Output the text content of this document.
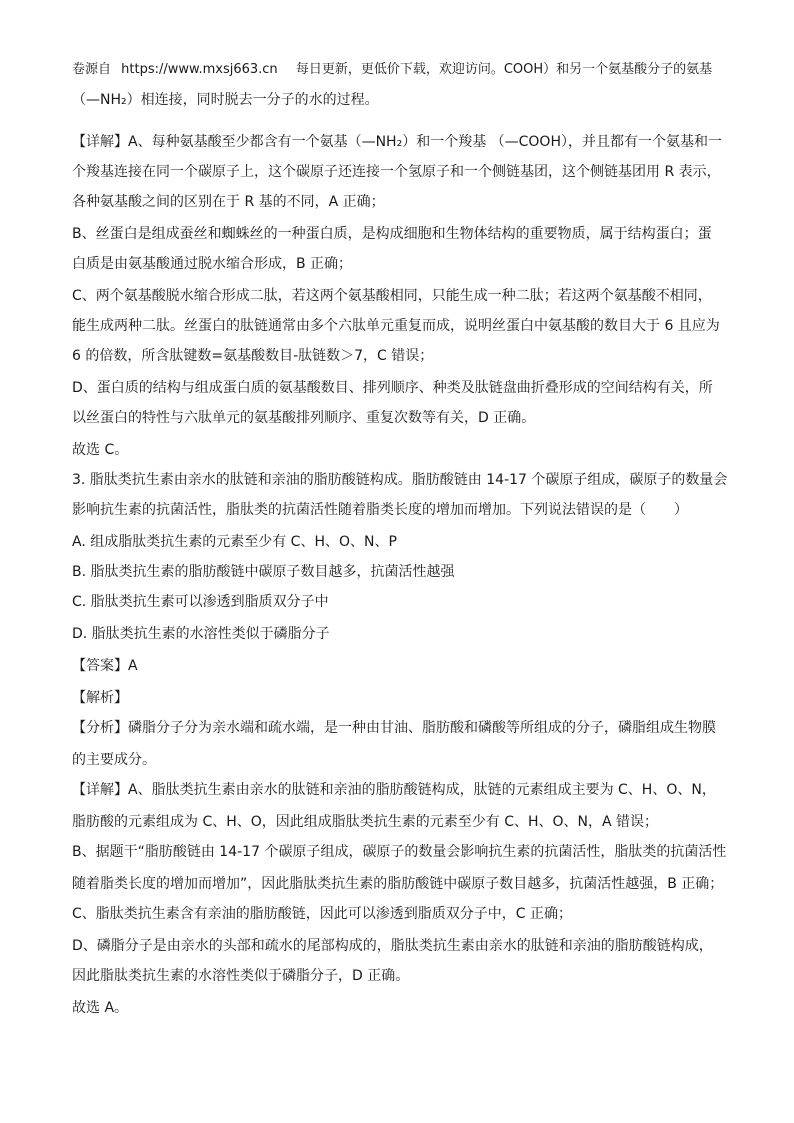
卷源自 https://www.mxsj663.cn 每日更新，更低价下载，欢迎访问。COOH）和另一个氨基酸分子的氨基
（—NH₂）相连接，同时脱去一分子的水的过程。
【详解】A、每种氨基酸至少都含有一个氨基（—NH₂）和一个羧基 （—COOH），并且都有一个氨基和一
个羧基连接在同一个碳原子上，这个碳原子还连接一个氢原子和一个侧链基团，这个侧链基团用 R 表示，
各种氨基酸之间的区别在于 R 基的不同，A 正确；
B、丝蛋白是组成蚕丝和蜘蛛丝的一种蛋白质，是构成细胞和生物体结构的重要物质，属于结构蛋白；蛋
白质是由氨基酸通过脱水缩合形成，B 正确；
C、两个氨基酸脱水缩合形成二肽，若这两个氨基酸相同，只能生成一种二肽；若这两个氨基酸不相同，
能生成两种二肽。丝蛋白的肽链通常由多个六肽单元重复而成，说明丝蛋白中氨基酸的数目大于 6 且应为
6 的倍数，所含肽键数=氨基酸数目-肽链数＞7，C 错误；
D、蛋白质的结构与组成蛋白质的氨基酸数目、排列顺序、种类及肽链盘曲折叠形成的空间结构有关，所
以丝蛋白的特性与六肽单元的氨基酸排列顺序、重复次数等有关，D 正确。
故选 C。
3. 脂肽类抗生素由亲水的肽链和亲油的脂肪酸链构成。脂肪酸链由 14-17 个碳原子组成，碳原子的数量会
影响抗生素的抗菌活性，脂肽类的抗菌活性随着脂类长度的增加而增加。下列说法错误的是（　　）
A. 组成脂肽类抗生素的元素至少有 C、H、O、N、P
B. 脂肽类抗生素的脂肪酸链中碳原子数目越多，抗菌活性越强
C. 脂肽类抗生素可以渗透到脂质双分子中
D. 脂肽类抗生素的水溶性类似于磷脂分子
【答案】A
【解析】
【分析】磷脂分子分为亲水端和疏水端，是一种由甘油、脂肪酸和磷酸等所组成的分子，磷脂组成生物膜
的主要成分。
【详解】A、脂肽类抗生素由亲水的肽链和亲油的脂肪酸链构成，肽链的元素组成主要为 C、H、O、N，
脂肪酸的元素组成为 C、H、O，因此组成脂肽类抗生素的元素至少有 C、H、O、N，A 错误；
B、据题干“脂肪酸链由 14-17 个碳原子组成，碳原子的数量会影响抗生素的抗菌活性，脂肽类的抗菌活性
随着脂类长度的增加而增加”，因此脂肽类抗生素的脂肪酸链中碳原子数目越多，抗菌活性越强，B 正确；
C、脂肽类抗生素含有亲油的脂肪酸链，因此可以渗透到脂质双分子中，C 正确；
D、磷脂分子是由亲水的头部和疏水的尾部构成的，脂肽类抗生素由亲水的肽链和亲油的脂肪酸链构成，
因此脂肽类抗生素的水溶性类似于磷脂分子，D 正确。
故选 A。
